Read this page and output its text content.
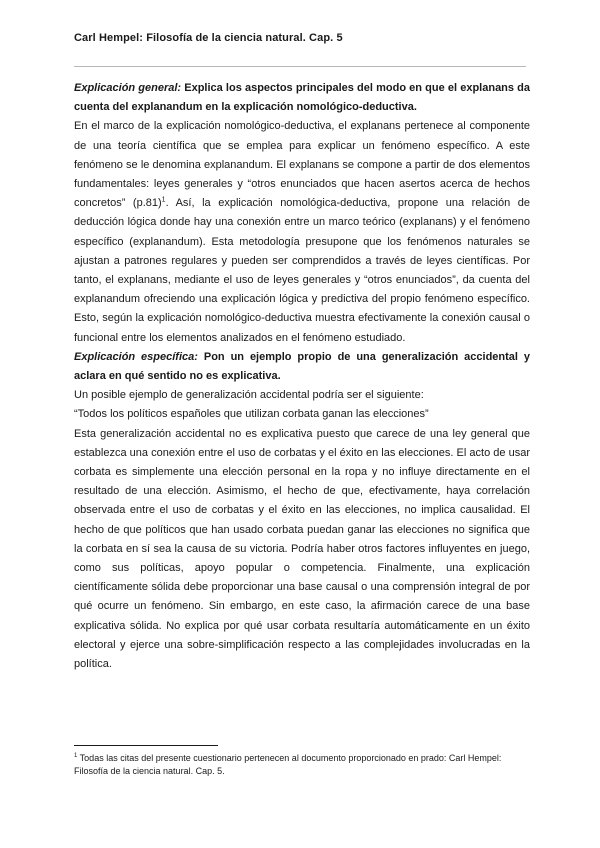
Carl Hempel: Filosofía de la ciencia natural. Cap. 5

Explicación general: Explica los aspectos principales del modo en que el explanans da cuenta del explanandum en la explicación nomológico-deductiva.

En el marco de la explicación nomológico-deductiva, el explanans pertenece al componente de una teoría científica que se emplea para explicar un fenómeno específico. A este fenómeno se le denomina explanandum. El explanans se compone a partir de dos elementos fundamentales: leyes generales y “otros enunciados que hacen asertos acerca de hechos concretos” $(p.81)^1$. Así, la explicación nomológica-deductiva, propone una relación de deducción lógica donde hay una conexión entre un marco teórico (explanans) y el fenómeno específico (explanandum). Esta metodología presupone que los fenómenos naturales se ajustan a patrones regulares y pueden ser comprendidos a través de leyes científicas. Por tanto, el explanans, mediante el uso de leyes generales y “otros enunciados”, da cuenta del explanandum ofreciendo una explicación lógica y predictiva del propio fenómeno específico. Esto, según la explicación nomológico-deductiva muestra efectivamente la conexión causal o funcional entre los elementos analizados en el fenómeno estudiado.

Explicación específica: Pon un ejemplo propio de una generalización accidental y aclara en qué sentido no es explicativa.

Un posible ejemplo de generalización accidental podría ser el siguiente:

“Todos los políticos españoles que utilizan corbata ganan las elecciones”

Esta generalización accidental no es explicativa puesto que carece de una ley general que establezca una conexión entre el uso de corbatas y el éxito en las elecciones. El acto de usar corbata es simplemente una elección personal en la ropa y no influye directamente en el resultado de una elección. Asimismo, el hecho de que, efectivamente, haya correlación observada entre el uso de corbatas y el éxito en las elecciones, no implica causalidad. El hecho de que políticos que han usado corbata puedan ganar las elecciones no significa que la corbata en sí sea la causa de su victoria. Podría haber otros factores influyentes en juego, como sus políticas, apoyo popular o competencia. Finalmente, una explicación científicamente sólida debe proporcionar una base causal o una comprensión integral de por qué ocurre un fenómeno. Sin embargo, en este caso, la afirmación carece de una base explicativa sólida. No explica por qué usar corbata resultaría automáticamente en un éxito electoral y ejerce una sobre-simplificación respecto a las complejidades involucradas en la política.

$^1$ Todas las citas del presente cuestionario pertenecen al documento proporcionado en prado: Carl Hempel: Filosofía de la ciencia natural. Cap. 5.
